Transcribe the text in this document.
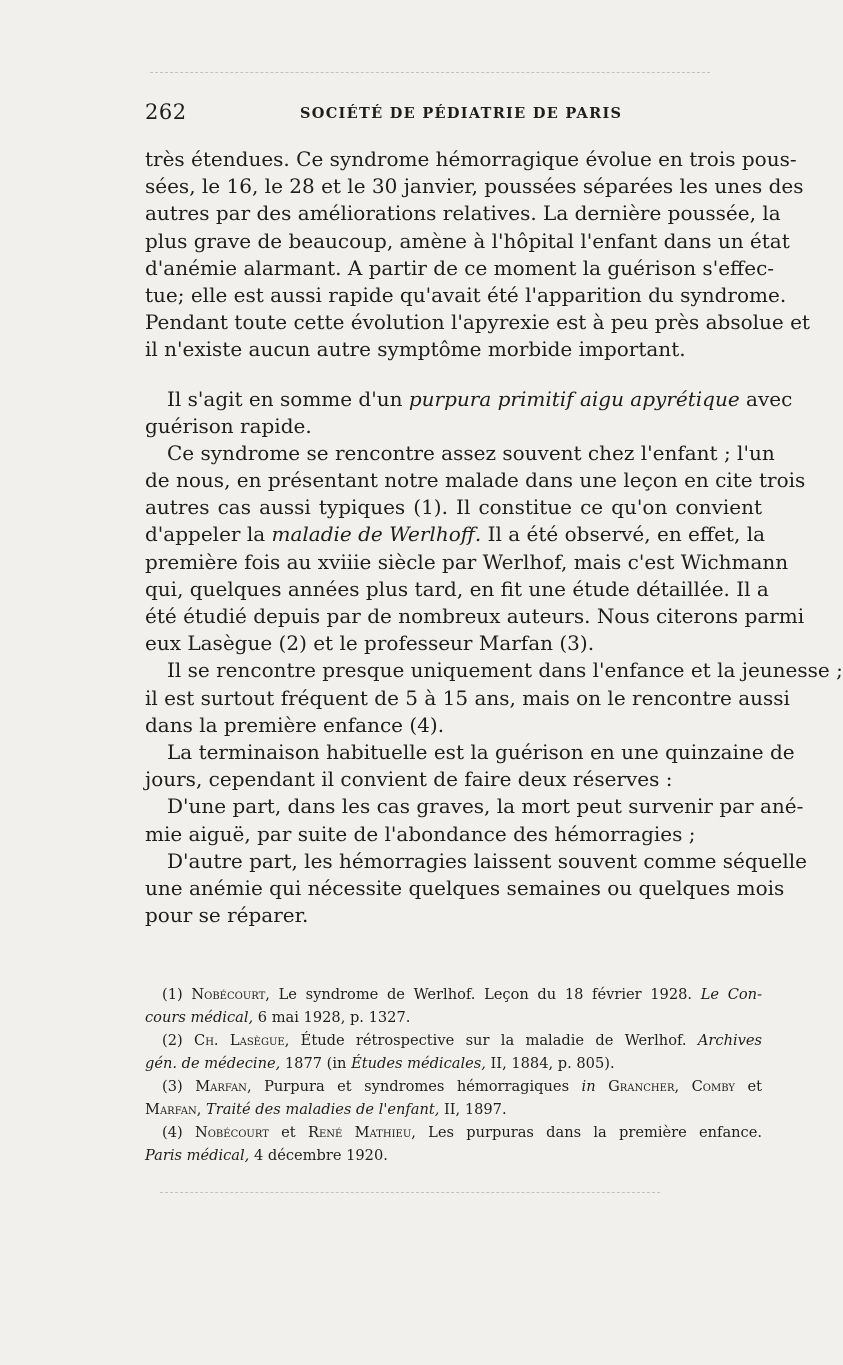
262	SOCIÉTÉ DE PÉDIATRIE DE PARIS
très étendues. Ce syndrome hémorragique évolue en trois pous-
sées, le 16, le 28 et le 30 janvier, poussées séparées les unes des
autres par des améliorations relatives. La dernière poussée, la
plus grave de beaucoup, amène à l'hôpital l'enfant dans un état
d'anémie alarmant. A partir de ce moment la guérison s'effec-
tue; elle est aussi rapide qu'avait été l'apparition du syndrome.
Pendant toute cette évolution l'apyrexie est à peu près absolue et
il n'existe aucun autre symptôme morbide important.
Il s'agit en somme d'un purpura primitif aigu apyrétique avec
guérison rapide.
Ce syndrome se rencontre assez souvent chez l'enfant ; l'un
de nous, en présentant notre malade dans une leçon en cite trois
autres cas aussi typiques (1). Il constitue ce qu'on convient
d'appeler la maladie de Werlhoff. Il a été observé, en effet, la
première fois au xviiie siècle par Werlhof, mais c'est Wichmann
qui, quelques années plus tard, en fit une étude détaillée. Il a
été étudié depuis par de nombreux auteurs. Nous citerons parmi
eux Lasègue (2) et le professeur Marfan (3).
Il se rencontre presque uniquement dans l'enfance et la jeunesse ;
il est surtout fréquent de 5 à 15 ans, mais on le rencontre aussi
dans la première enfance (4).
La terminaison habituelle est la guérison en une quinzaine de
jours, cependant il convient de faire deux réserves :
D'une part, dans les cas graves, la mort peut survenir par ané-
mie aiguë, par suite de l'abondance des hémorragies ;
D'autre part, les hémorragies laissent souvent comme séquelle
une anémie qui nécessite quelques semaines ou quelques mois
pour se réparer.
(1) Nobécourt, Le syndrome de Werlhof. Leçon du 18 février 1928. Le Con-
cours médical, 6 mai 1928, p. 1327.
(2) Ch. Lasègue, Étude rétrospective sur la maladie de Werlhof. Archives
gén. de médecine, 1877 (in Études médicales, II, 1884, p. 805).
(3) Marfan, Purpura et syndromes hémorragiques in Grancher, Comby et
Marfan, Traité des maladies de l'enfant, II, 1897.
(4) Nobécourt et René Mathieu, Les purpuras dans la première enfance.
Paris médical, 4 décembre 1920.
